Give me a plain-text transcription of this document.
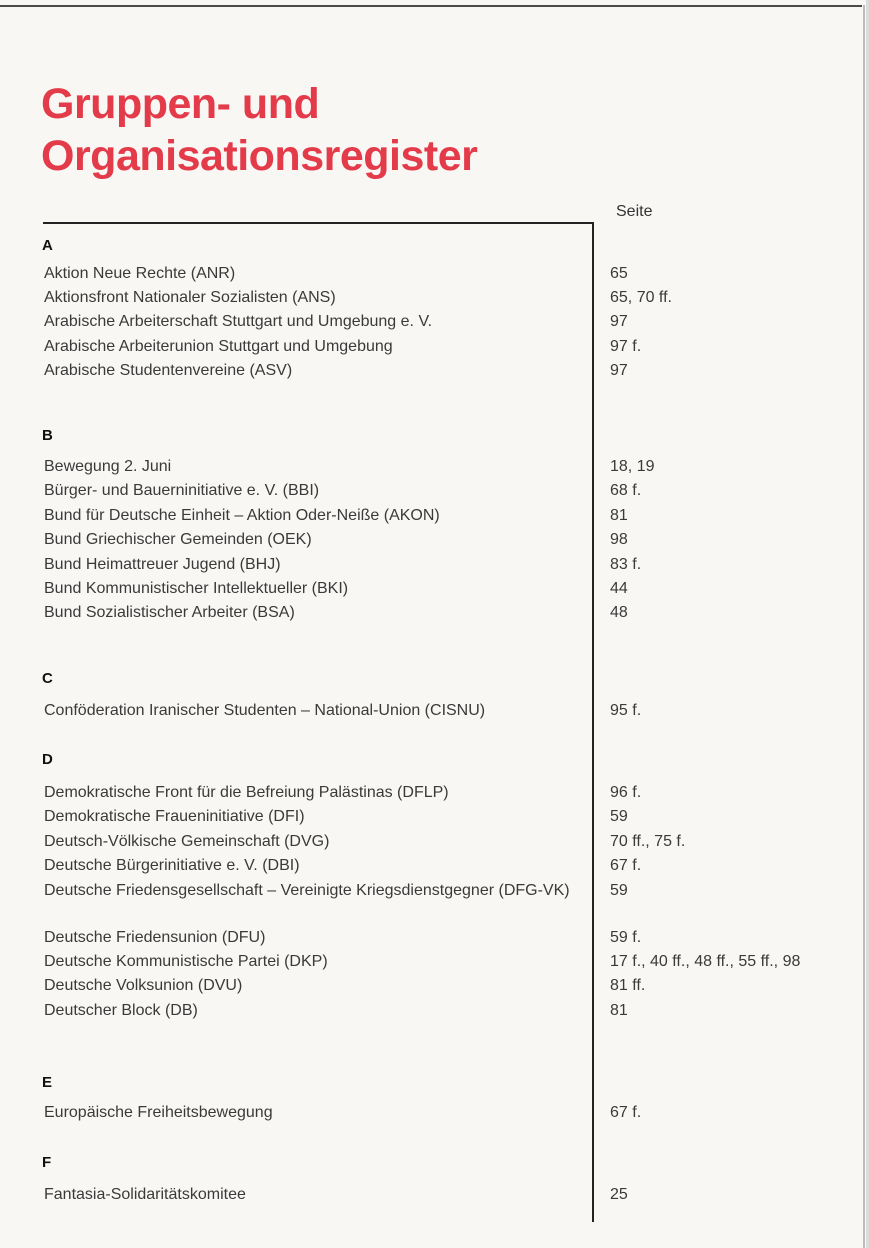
Gruppen- und
Organisationsregister
Seite
A
Aktion Neue Rechte (ANR)	65
Aktionsfront Nationaler Sozialisten (ANS)	65, 70 ff.
Arabische Arbeiterschaft Stuttgart und Umgebung e. V.	97
Arabische Arbeiterunion Stuttgart und Umgebung	97 f.
Arabische Studentenvereine (ASV)	97
B
Bewegung 2. Juni	18, 19
Bürger- und Bauerninitiative e. V. (BBI)	68 f.
Bund für Deutsche Einheit – Aktion Oder-Neiße (AKON)	81
Bund Griechischer Gemeinden (OEK)	98
Bund Heimattreuer Jugend (BHJ)	83 f.
Bund Kommunistischer Intellektueller (BKI)	44
Bund Sozialistischer Arbeiter (BSA)	48
C
Conföderation Iranischer Studenten – National-Union (CISNU)	95 f.
D
Demokratische Front für die Befreiung Palästinas (DFLP)	96 f.
Demokratische Fraueninitiative (DFI)	59
Deutsch-Völkische Gemeinschaft (DVG)	70 ff., 75 f.
Deutsche Bürgerinitiative e. V. (DBI)	67 f.
Deutsche Friedensgesellschaft – Vereinigte Kriegsdienstgegner (DFG-VK)	59
Deutsche Friedensunion (DFU)	59 f.
Deutsche Kommunistische Partei (DKP)	17 f., 40 ff., 48 ff., 55 ff., 98
Deutsche Volksunion (DVU)	81 ff.
Deutscher Block (DB)	81
E
Europäische Freiheitsbewegung	67 f.
F
Fantasia-Solidaritätskomitee	25
